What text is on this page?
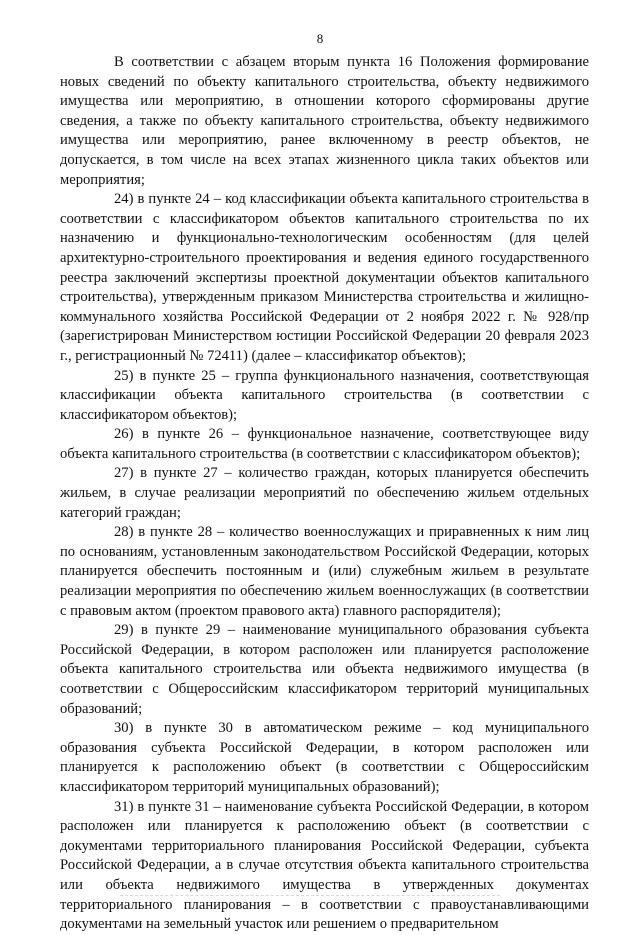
8

В соответствии с абзацем вторым пункта 16 Положения формирование новых сведений по объекту капитального строительства, объекту недвижимого имущества или мероприятию, в отношении которого сформированы другие сведения, а также по объекту капитального строительства, объекту недвижимого имущества или мероприятию, ранее включенному в реестр объектов, не допускается, в том числе на всех этапах жизненного цикла таких объектов или мероприятия;

24) в пункте 24 – код классификации объекта капитального строительства в соответствии с классификатором объектов капитального строительства по их назначению и функционально-технологическим особенностям (для целей архитектурно-строительного проектирования и ведения единого государственного реестра заключений экспертизы проектной документации объектов капитального строительства), утвержденным приказом Министерства строительства и жилищно-коммунального хозяйства Российской Федерации от 2 ноября 2022 г. № 928/пр (зарегистрирован Министерством юстиции Российской Федерации 20 февраля 2023 г., регистрационный № 72411) (далее – классификатор объектов);

25) в пункте 25 – группа функционального назначения, соответствующая классификации объекта капитального строительства (в соответствии с классификатором объектов);

26) в пункте 26 – функциональное назначение, соответствующее виду объекта капитального строительства (в соответствии с классификатором объектов);

27) в пункте 27 – количество граждан, которых планируется обеспечить жильем, в случае реализации мероприятий по обеспечению жильем отдельных категорий граждан;

28) в пункте 28 – количество военнослужащих и приравненных к ним лиц по основаниям, установленным законодательством Российской Федерации, которых планируется обеспечить постоянным и (или) служебным жильем в результате реализации мероприятия по обеспечению жильем военнослужащих (в соответствии с правовым актом (проектом правового акта) главного распорядителя);

29) в пункте 29 – наименование муниципального образования субъекта Российской Федерации, в котором расположен или планируется расположение объекта капитального строительства или объекта недвижимого имущества (в соответствии с Общероссийским классификатором территорий муниципальных образований;

30) в пункте 30 в автоматическом режиме – код муниципального образования субъекта Российской Федерации, в котором расположен или планируется к расположению объект (в соответствии с Общероссийским классификатором территорий муниципальных образований);

31) в пункте 31 – наименование субъекта Российской Федерации, в котором расположен или планируется к расположению объект (в соответствии с документами территориального планирования Российской Федерации, субъекта Российской Федерации, а в случае отсутствия объекта капитального строительства или объекта недвижимого имущества в утвержденных документах территориального планирования – в соответствии с правоустанавливающими документами на земельный участок или решением о предварительном
